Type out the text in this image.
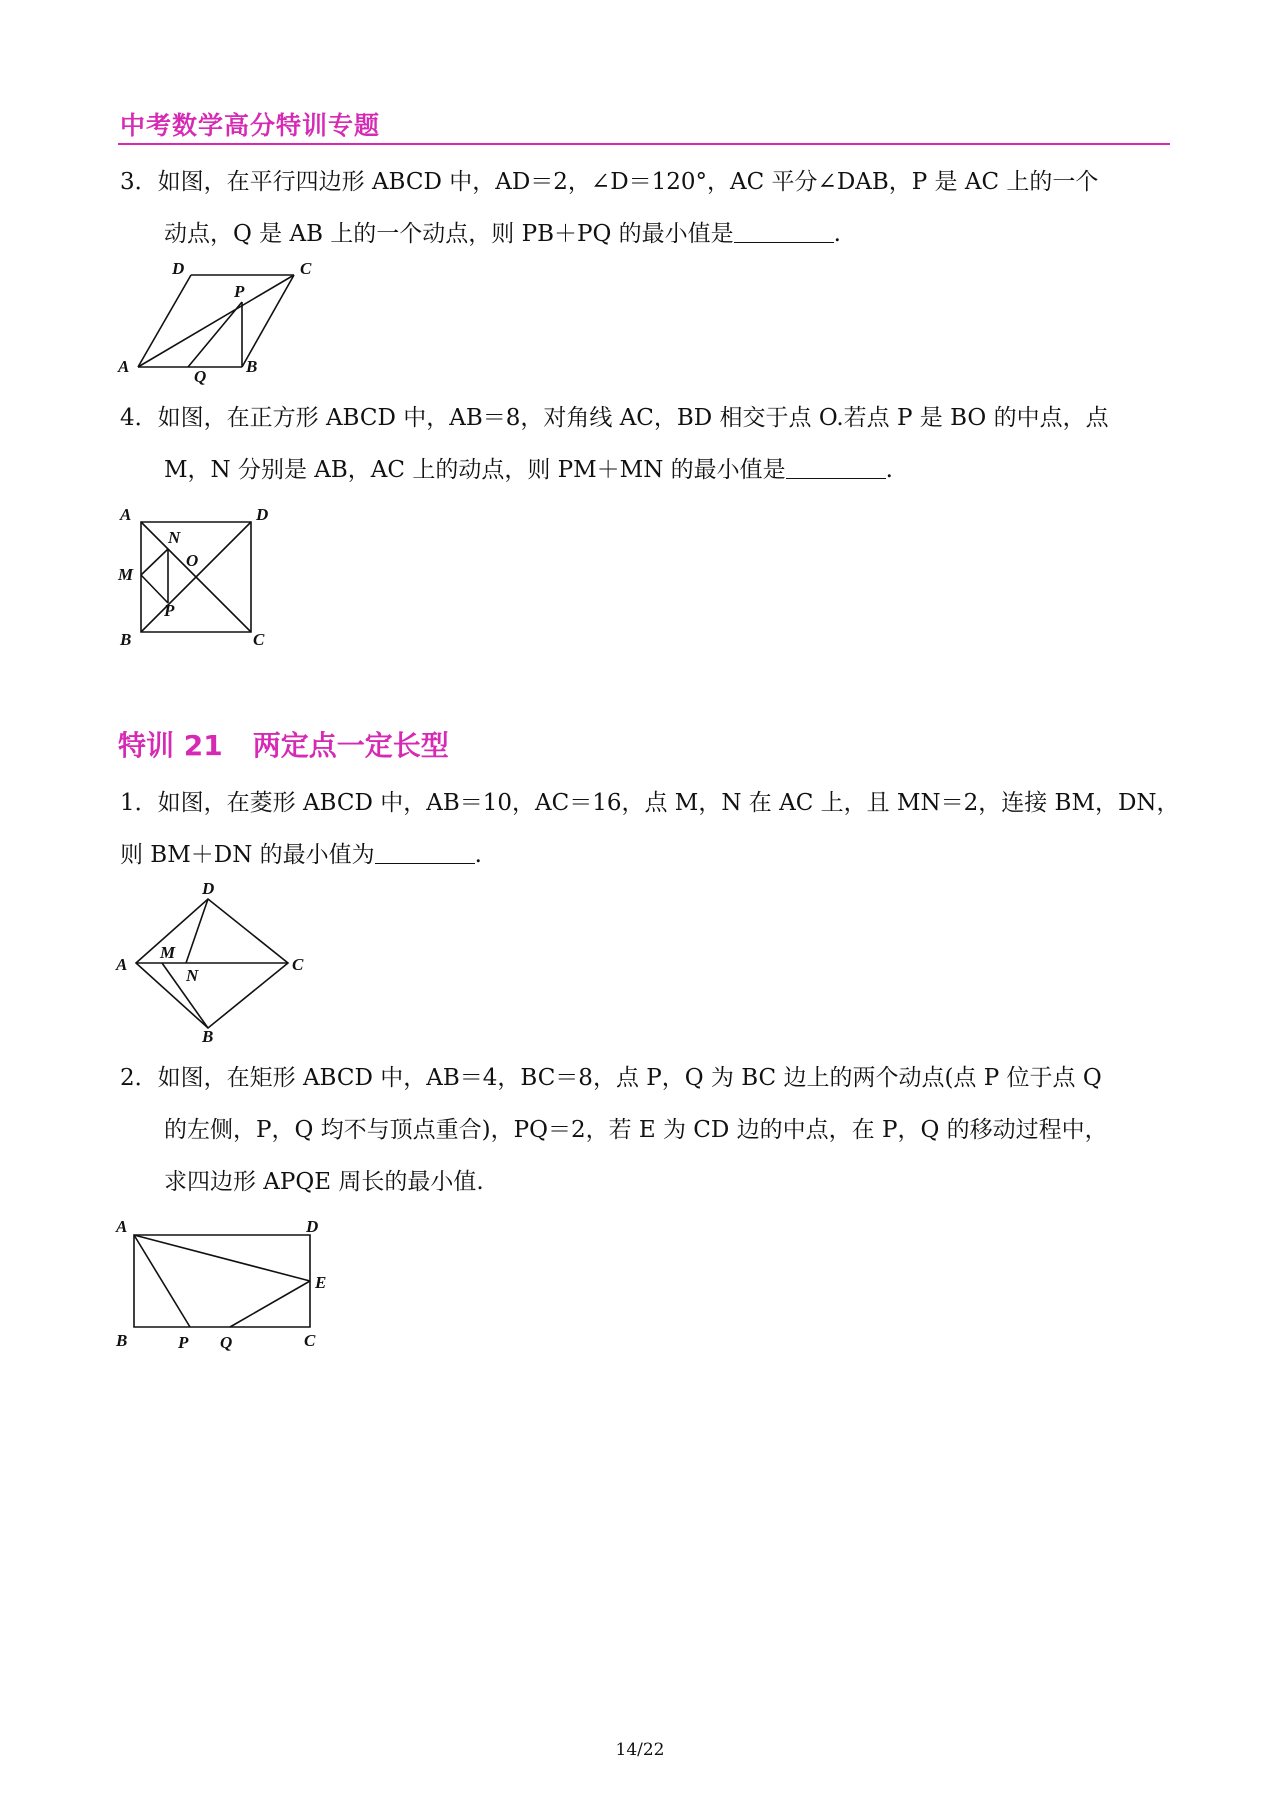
中考数学高分特训专题
3．如图，在平行四边形 ABCD 中，AD＝2，∠D＝120°，AC 平分∠DAB，P 是 AC 上的一个
动点，Q 是 AB 上的一个动点，则 PB＋PQ 的最小值是	.
D	C
P
A
Q
B
4．如图，在正方形 ABCD 中，AB＝8，对角线 AC，BD 相交于点 O.若点 P 是 BO 的中点，点
M，N 分别是 AB，AC 上的动点，则 PM＋MN 的最小值是	.
A	D
N
O
M
P
B	C
特训 21 两定点一定长型
1．如图，在菱形 ABCD 中，AB＝10，AC＝16，点 M，N 在 AC 上，且 MN＝2，连接 BM，DN，
则 BM＋DN 的最小值为	.
A
D
M
N
C
B
2．如图，在矩形 ABCD 中，AB＝4，BC＝8，点 P，Q 为 BC 边上的两个动点(点 P 位于点 Q
的左侧，P，Q 均不与顶点重合)，PQ＝2，若 E 为 CD 边的中点，在 P，Q 的移动过程中，
求四边形 APQE 周长的最小值.
A	D
E
B	P Q	C
14/22
